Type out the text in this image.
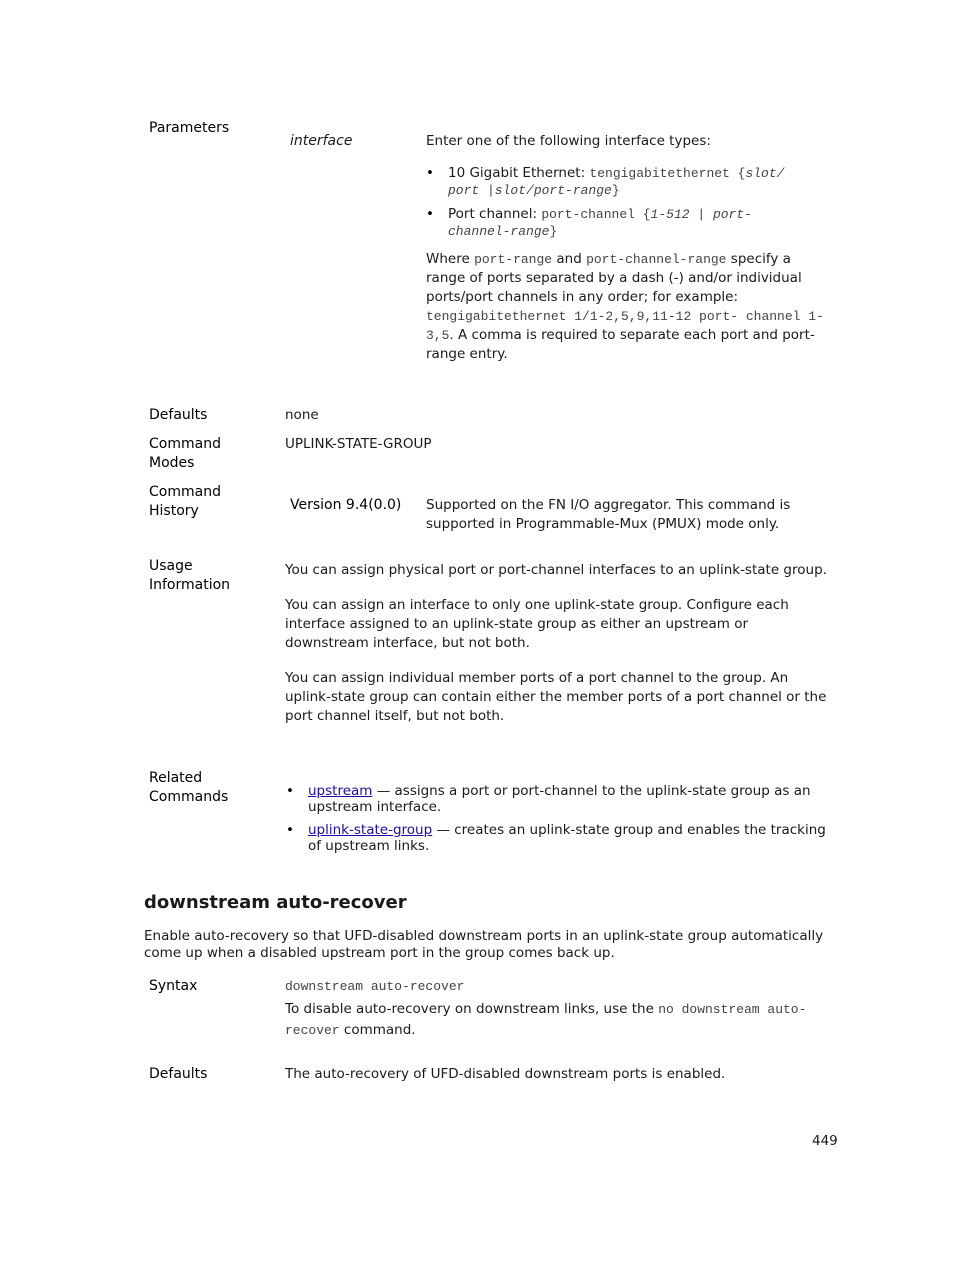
Parameters
interface	Enter one of the following interface types:

• 10 Gigabit Ethernet: tengigabitethernet {slot/ port |slot/port-range}
• Port channel: port-channel {1-512 | port- channel-range}

Where port-range and port-channel-range specify a range of ports separated by a dash (-) and/or individual ports/port channels in any order; for example: tengigabitethernet 1/1-2,5,9,11-12 port- channel 1-3,5. A comma is required to separate each port and port-range entry.

Defaults	none
Command Modes
UPLINK-STATE-GROUP
Command History	Version 9.4(0.0) Supported on the FN I/O aggregator. This command is supported in Programmable-Mux (PMUX) mode only.
Usage Information

You can assign physical port or port-channel interfaces to an uplink-state group.

You can assign an interface to only one uplink-state group. Configure each interface assigned to an uplink-state group as either an upstream or downstream interface, but not both.

You can assign individual member ports of a port channel to the group. An uplink-state group can contain either the member ports of a port channel or the port channel itself, but not both.

Related Commands
•	upstream — assigns a port or port-channel to the uplink-state group as an upstream interface.
• uplink-state-group — creates an uplink-state group and enables the tracking of upstream links.
downstream auto-recover
Enable auto-recovery so that UFD-disabled downstream ports in an uplink-state group automatically come up when a disabled upstream port in the group comes back up.
Syntax	downstream auto-recover
To disable auto-recovery on downstream links, use the no downstream auto- recover command.
Defaults	The auto-recovery of UFD-disabled downstream ports is enabled.
449
